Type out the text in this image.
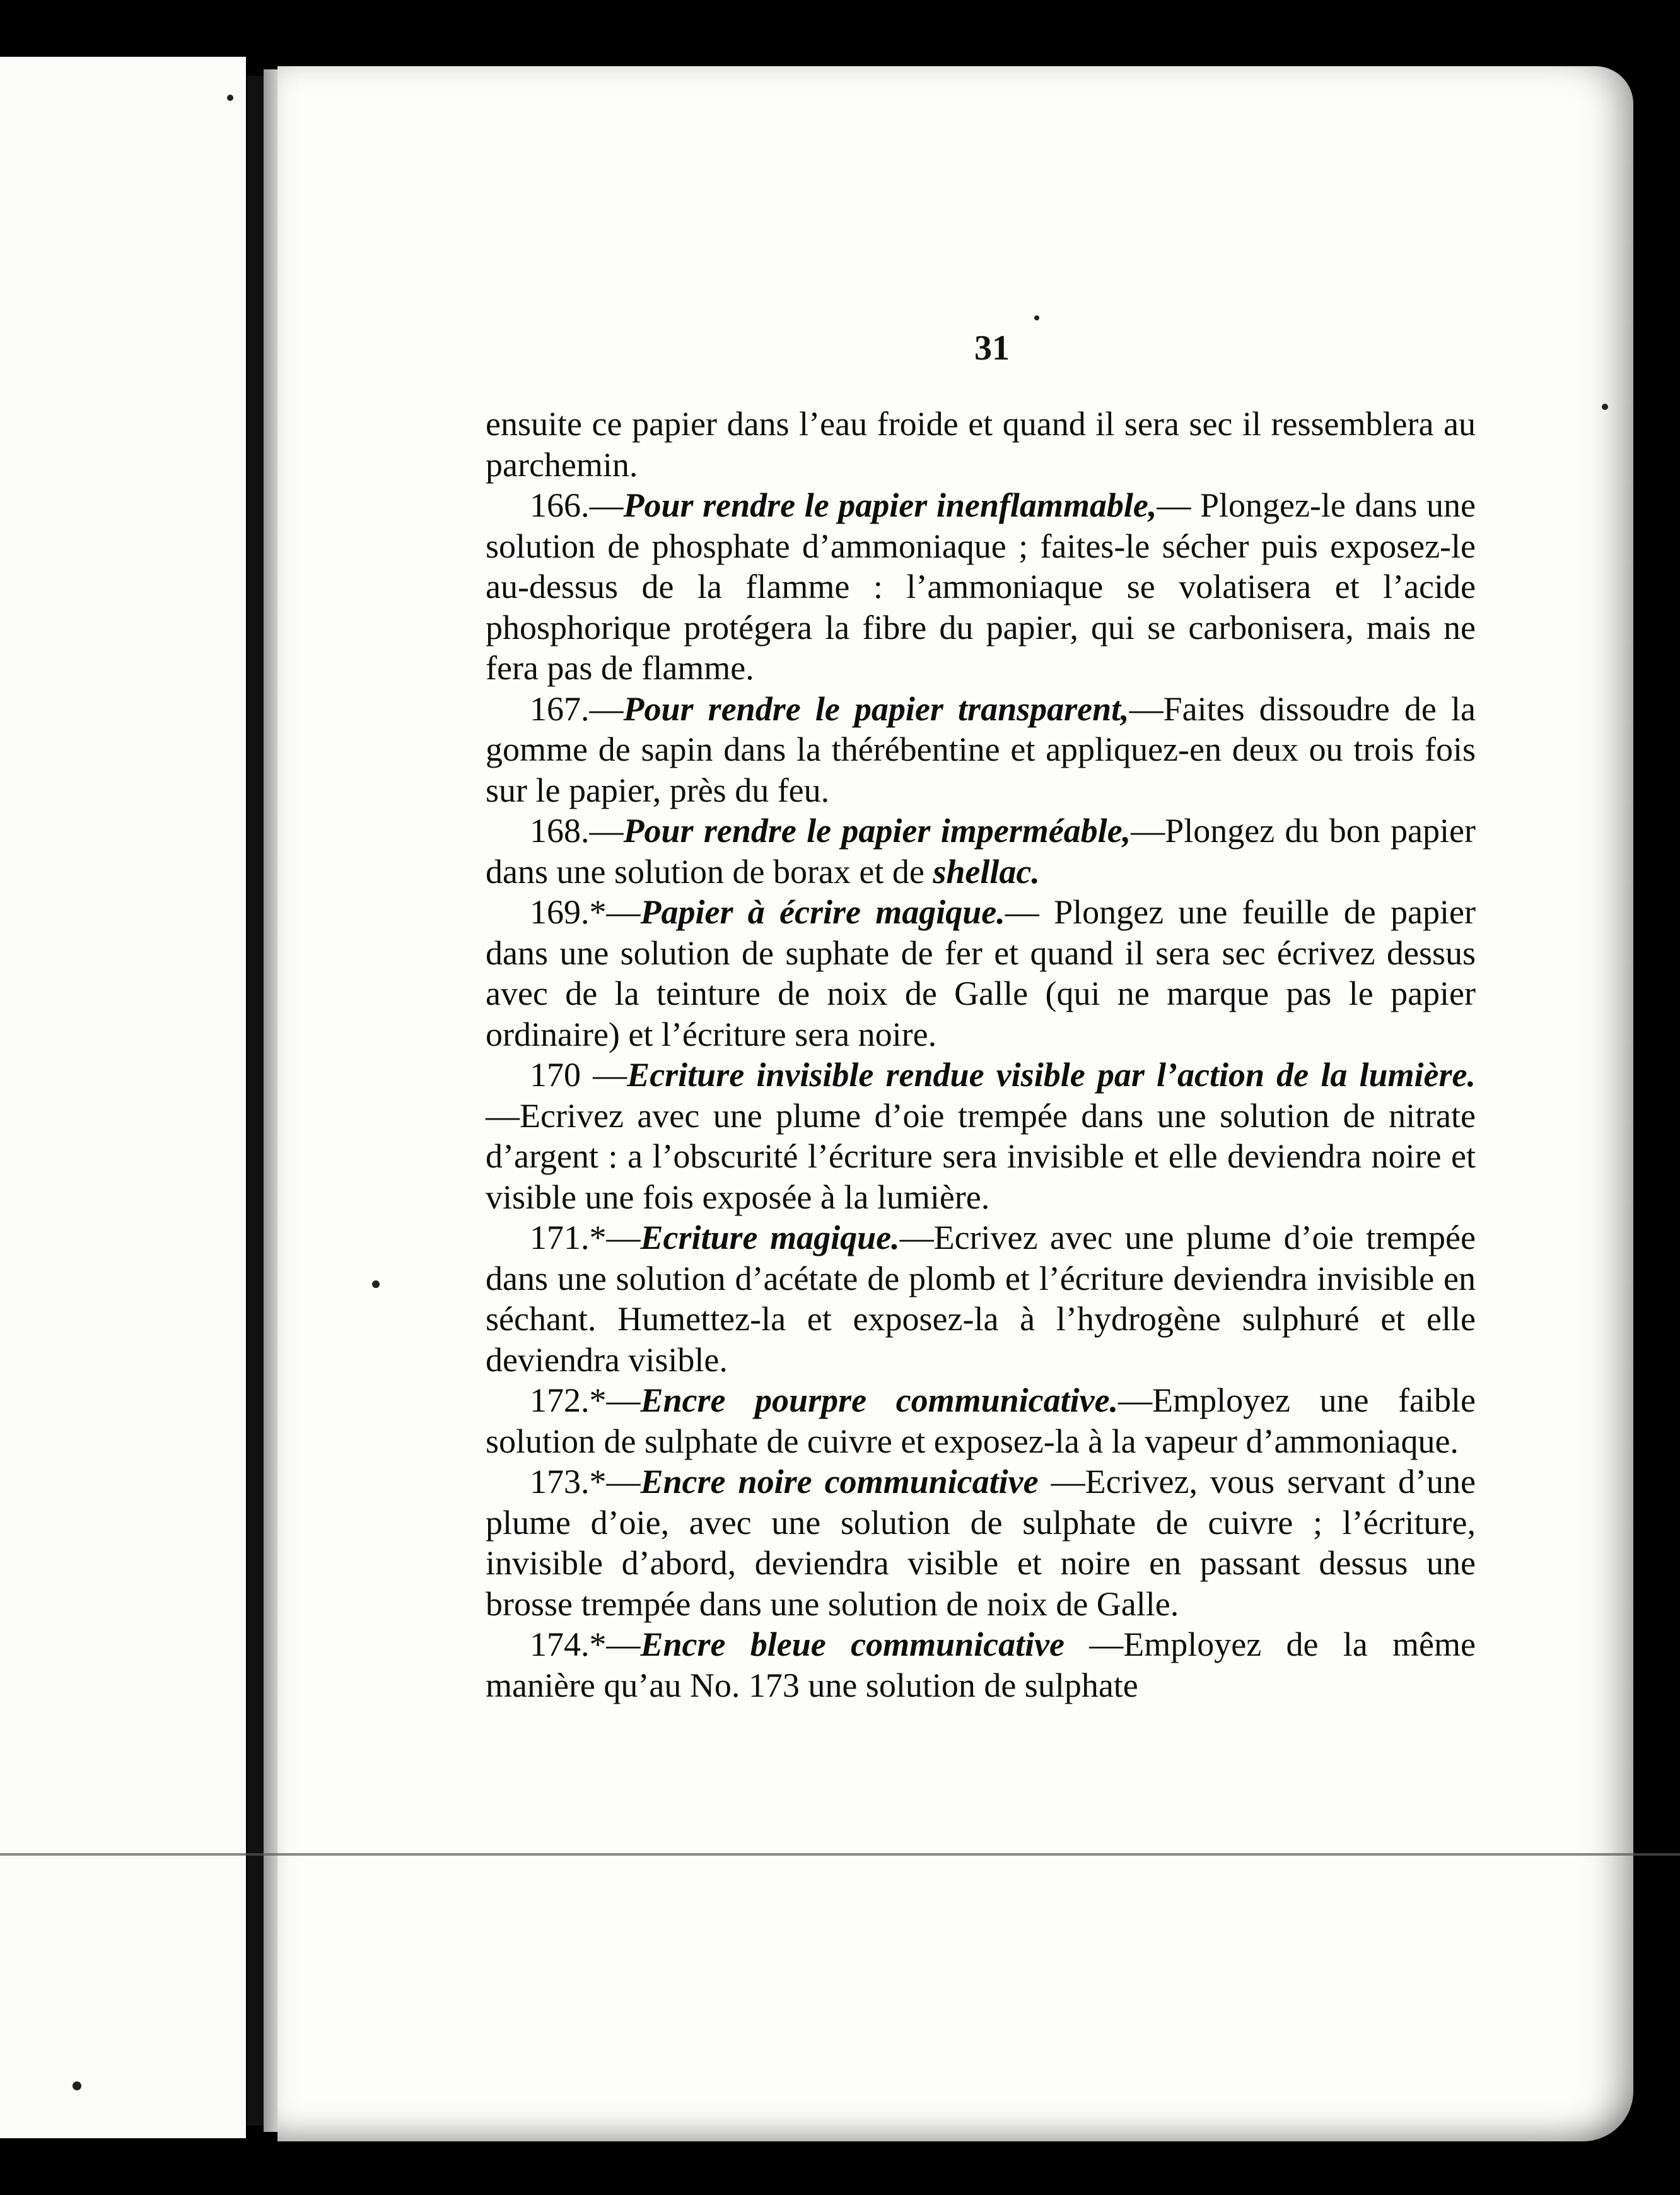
31

ensuite ce papier dans l’eau froide et quand il sera sec il ressemblera au parchemin.

166.—Pour rendre le papier inenflammable,— Plongez-le dans une solution de phosphate d’ammoniaque ; faites-le sécher puis exposez-le au-dessus de la flamme : l’ammoniaque se volatisera et l’acide phosphorique protégera la fibre du papier, qui se carbonisera, mais ne fera pas de flamme.

167.—Pour rendre le papier transparent,—Faites dissoudre de la gomme de sapin dans la thérébentine et appliquez-en deux ou trois fois sur le papier, près du feu.

168.—Pour rendre le papier imperméable,—Plongez du bon papier dans une solution de borax et de shellac.

169.*—Papier à écrire magique.— Plongez une feuille de papier dans une solution de suphate de fer et quand il sera sec écrivez dessus avec de la teinture de noix de Galle (qui ne marque pas le papier ordinaire) et l’écriture sera noire.

170 —Ecriture invisible rendue visible par l’action de la lumière.—Ecrivez avec une plume d’oie trempée dans une solution de nitrate d’argent : a l’obscurité l’écriture sera invisible et elle deviendra noire et visible une fois exposée à la lumière.

171.*—Ecriture magique.—Ecrivez avec une plume d’oie trempée dans une solution d’acétate de plomb et l’écriture deviendra invisible en séchant. Humettez-la et exposez-la à l’hydrogène sulphuré et elle deviendra visible.

172.*—Encre pourpre communicative.—Employez une faible solution de sulphate de cuivre et exposez-la à la vapeur d’ammoniaque.

173.*—Encre noire communicative —Ecrivez, vous servant d’une plume d’oie, avec une solution de sulphate de cuivre ; l’écriture, invisible d’abord, deviendra visible et noire en passant dessus une brosse trempée dans une solution de noix de Galle.

174.*—Encre bleue communicative —Employez de la même manière qu’au No. 173 une solution de sulphate
